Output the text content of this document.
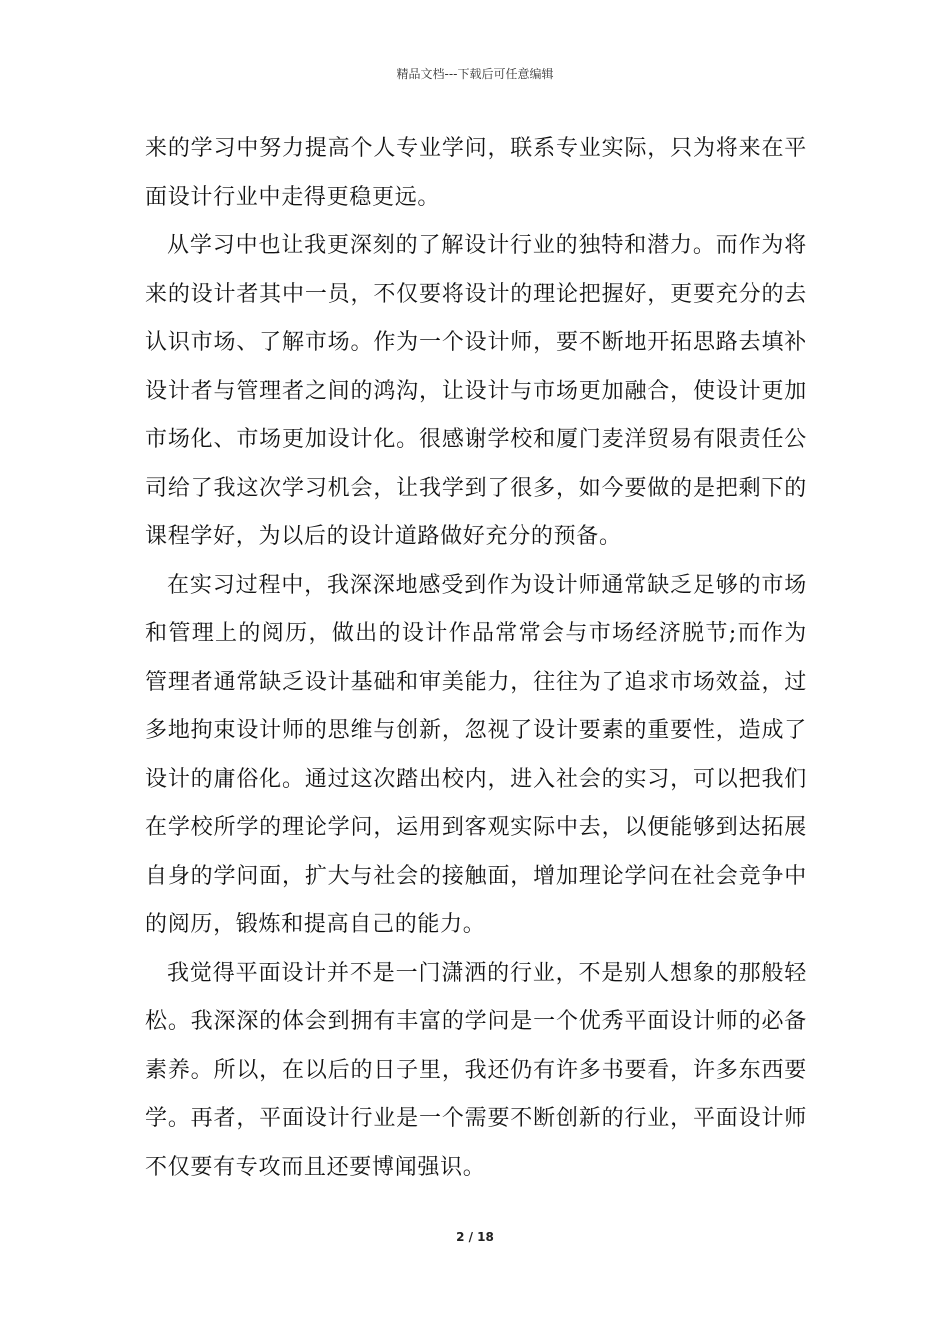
精品文档---下载后可任意编辑

来的学习中努力提高个人专业学问，联系专业实际，只为将来在平面设计行业中走得更稳更远。

从学习中也让我更深刻的了解设计行业的独特和潜力。而作为将来的设计者其中一员，不仅要将设计的理论把握好，更要充分的去认识市场、了解市场。作为一个设计师，要不断地开拓思路去填补设计者与管理者之间的鸿沟，让设计与市场更加融合，使设计更加市场化、市场更加设计化。很感谢学校和厦门麦洋贸易有限责任公司给了我这次学习机会，让我学到了很多，如今要做的是把剩下的课程学好，为以后的设计道路做好充分的预备。

在实习过程中，我深深地感受到作为设计师通常缺乏足够的市场和管理上的阅历，做出的设计作品常常会与市场经济脱节;而作为管理者通常缺乏设计基础和审美能力，往往为了追求市场效益，过多地拘束设计师的思维与创新，忽视了设计要素的重要性，造成了设计的庸俗化。通过这次踏出校内，进入社会的实习，可以把我们在学校所学的理论学问，运用到客观实际中去，以便能够到达拓展自身的学问面，扩大与社会的接触面，增加理论学问在社会竞争中的阅历，锻炼和提高自己的能力。

我觉得平面设计并不是一门潇洒的行业，不是别人想象的那般轻松。我深深的体会到拥有丰富的学问是一个优秀平面设计师的必备素养。所以，在以后的日子里，我还仍有许多书要看，许多东西要学。再者，平面设计行业是一个需要不断创新的行业，平面设计师不仅要有专攻而且还要博闻强识。

2 / 18
